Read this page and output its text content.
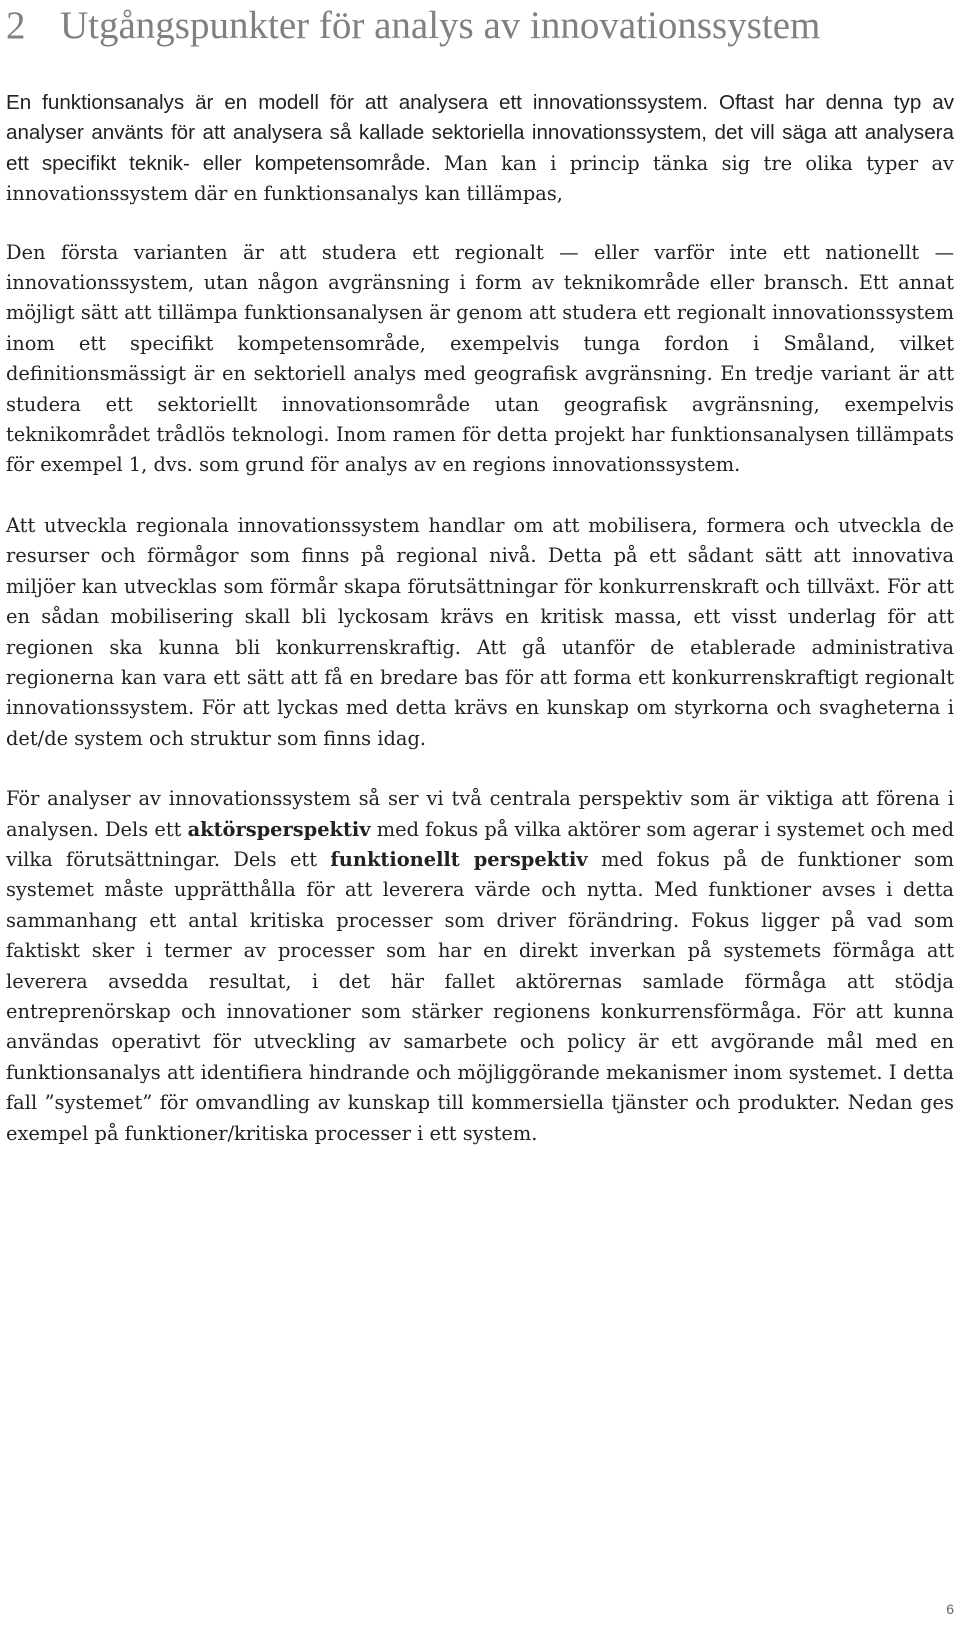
2 Utgångspunkter för analys av innovationssystem

En funktionsanalys är en modell för att analysera ett innovationssystem. Oftast har denna typ av analyser använts för att analysera så kallade sektoriella innovationssystem, det vill säga att analysera ett specifikt teknik- eller kompetensområde. Man kan i princip tänka sig tre olika typer av innovationssystem där en funktionsanalys kan tillämpas,

Den första varianten är att studera ett regionalt — eller varför inte ett nationellt — innovationssystem, utan någon avgränsning i form av teknikområde eller bransch. Ett annat möjligt sätt att tillämpa funktionsanalysen är genom att studera ett regionalt innovationssystem inom ett specifikt kompetensområde, exempelvis tunga fordon i Småland, vilket definitionsmässigt är en sektoriell analys med geografisk avgränsning. En tredje variant är att studera ett sektoriellt innovationsområde utan geografisk avgränsning, exempelvis teknikområdet trådlös teknologi. Inom ramen för detta projekt har funktionsanalysen tillämpats för exempel 1, dvs. som grund för analys av en regions innovationssystem.

Att utveckla regionala innovationssystem handlar om att mobilisera, formera och utveckla de resurser och förmågor som finns på regional nivå. Detta på ett sådant sätt att innovativa miljöer kan utvecklas som förmår skapa förutsättningar för konkurrenskraft och tillväxt. För att en sådan mobilisering skall bli lyckosam krävs en kritisk massa, ett visst underlag för att regionen ska kunna bli konkurrenskraftig. Att gå utanför de etablerade administrativa regionerna kan vara ett sätt att få en bredare bas för att forma ett konkurrenskraftigt regionalt innovationssystem. För att lyckas med detta krävs en kunskap om styrkorna och svagheterna i det/de system och struktur som finns idag.

För analyser av innovationssystem så ser vi två centrala perspektiv som är viktiga att förena i analysen. Dels ett aktörsperspektiv med fokus på vilka aktörer som agerar i systemet och med vilka förutsättningar. Dels ett funktionellt perspektiv med fokus på de funktioner som systemet måste upprätthålla för att leverera värde och nytta. Med funktioner avses i detta sammanhang ett antal kritiska processer som driver förändring. Fokus ligger på vad som faktiskt sker i termer av processer som har en direkt inverkan på systemets förmåga att leverera avsedda resultat, i det här fallet aktörernas samlade förmåga att stödja entreprenörskap och innovationer som stärker regionens konkurrensförmåga. För att kunna användas operativt för utveckling av samarbete och policy är ett avgörande mål med en funktionsanalys att identifiera hindrande och möjliggörande mekanismer inom systemet. I detta fall ”systemet” för omvandling av kunskap till kommersiella tjänster och produkter. Nedan ges exempel på funktioner/kritiska processer i ett system.

6
